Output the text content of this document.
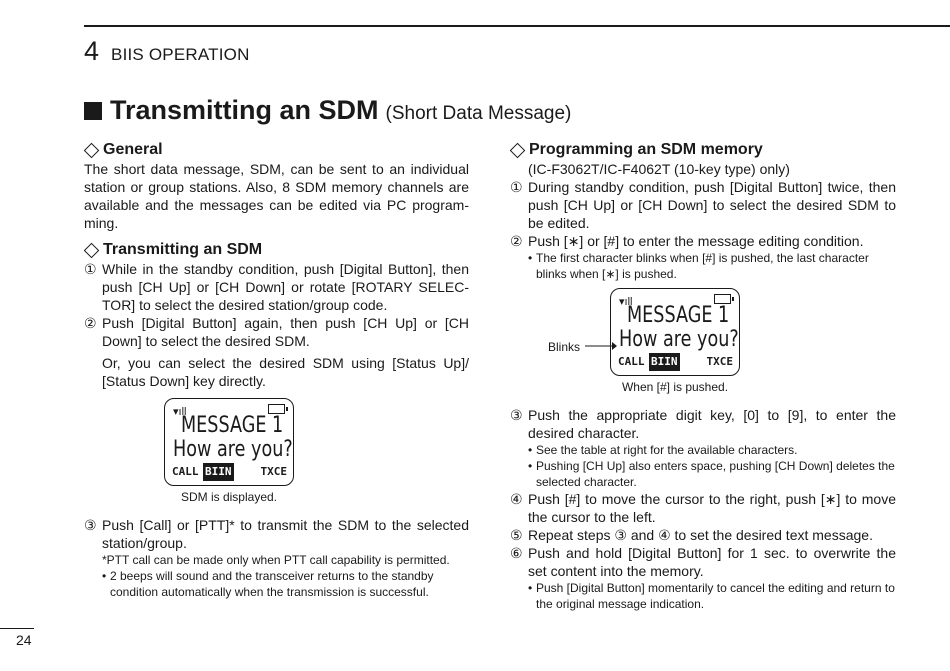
4 BIIS OPERATION
Transmitting an SDM (Short Data Message)
General

The short data message, SDM, can be sent to an individual station or group stations. Also, 8 SDM memory channels are available and the messages can be edited via PC program-ming.

Transmitting an SDM
① While in the standby condition, push [Digital Button], then push [CH Up] or [CH Down] or rotate [ROTARY SELEC-TOR] to select the desired station/group code.
② Push [Digital Button] again, then push [CH Up] or [CH Down] to select the desired SDM.
Or, you can select the desired SDM using [Status Up]/ [Status Down] key directly.
▾ıll
MESSAGE 1
How are you?
CALL BIIN	TXCE
SDM is displayed.
③ Push [Call] or [PTT]* to transmit the SDM to the selected station/group.
*PTT call can be made only when PTT call capability is permitted.
• 2 beeps will sound and the transceiver returns to the standby condition automatically when the transmission is successful.
Programming an SDM memory
(IC-F3062T/IC-F4062T (10-key type) only)
① During standby condition, push [Digital Button] twice, then push [CH Up] or [CH Down] to select the desired SDM to be edited.
② Push [∗] or [#] to enter the message editing condition.
• The first character blinks when [#] is pushed, the last character blinks when [∗] is pushed.
▾ıll
MESSAGE 1
How are you?
CALL BIIN	TXCE
Blinks
When [#] is pushed.
③ Push the appropriate digit key, [0] to [9], to enter the desired character.
• See the table at right for the available characters.
• Pushing [CH Up] also enters space, pushing [CH Down] deletes the selected character.
④ Push [#] to move the cursor to the right, push [∗] to move the cursor to the left.
⑤ Repeat steps ③ and ④ to set the desired text message.
⑥ Push and hold [Digital Button] for 1 sec. to overwrite the set content into the memory.
• Push [Digital Button] momentarily to cancel the editing and return to the original message indication.
24
